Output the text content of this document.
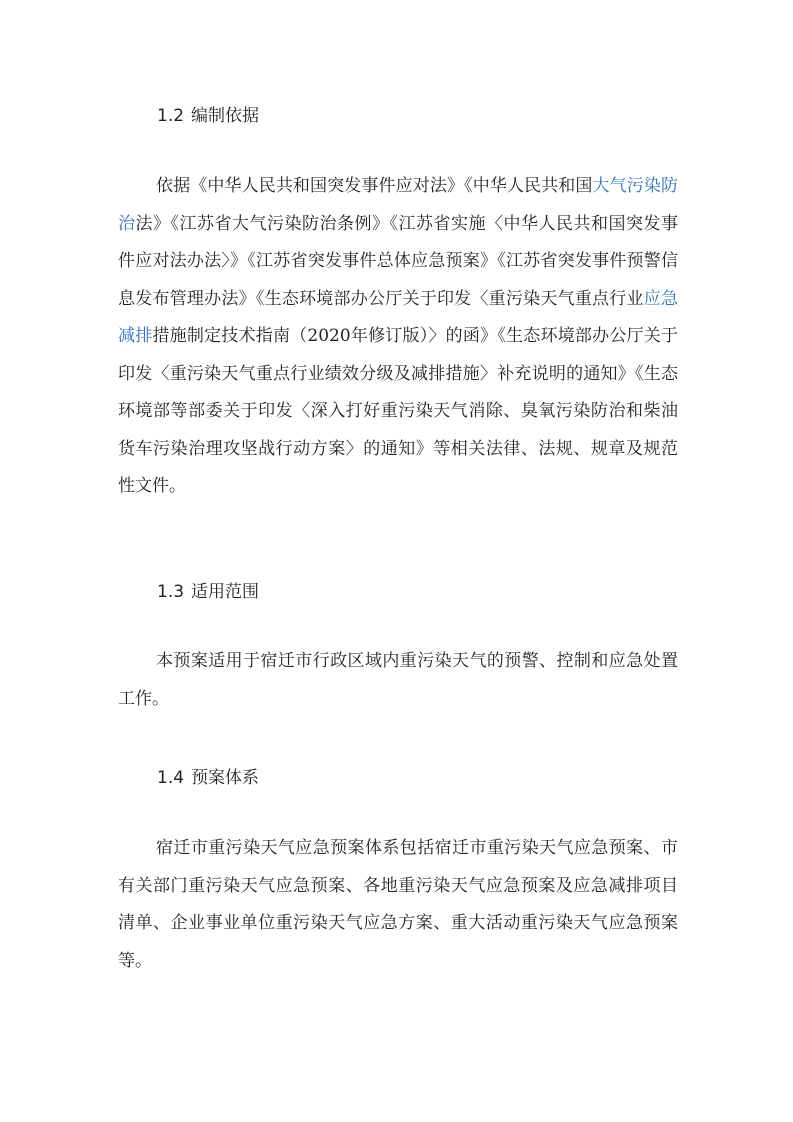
1.2 编制依据

依据《中华人民共和国突发事件应对法》《中华人民共和国大气污染防治法》《江苏省大气污染防治条例》《江苏省实施〈中华人民共和国突发事件应对法办法〉》《江苏省突发事件总体应急预案》《江苏省突发事件预警信息发布管理办法》《生态环境部办公厅关于印发〈重污染天气重点行业应急减排措施制定技术指南（2020年修订版）〉的函》《生态环境部办公厅关于印发〈重污染天气重点行业绩效分级及减排措施〉补充说明的通知》《生态环境部等部委关于印发〈深入打好重污染天气消除、臭氧污染防治和柴油货车污染治理攻坚战行动方案〉的通知》等相关法律、法规、规章及规范性文件。

1.3 适用范围

本预案适用于宿迁市行政区域内重污染天气的预警、控制和应急处置工作。

1.4 预案体系

宿迁市重污染天气应急预案体系包括宿迁市重污染天气应急预案、市有关部门重污染天气应急预案、各地重污染天气应急预案及应急减排项目清单、企业事业单位重污染天气应急方案、重大活动重污染天气应急预案等。
